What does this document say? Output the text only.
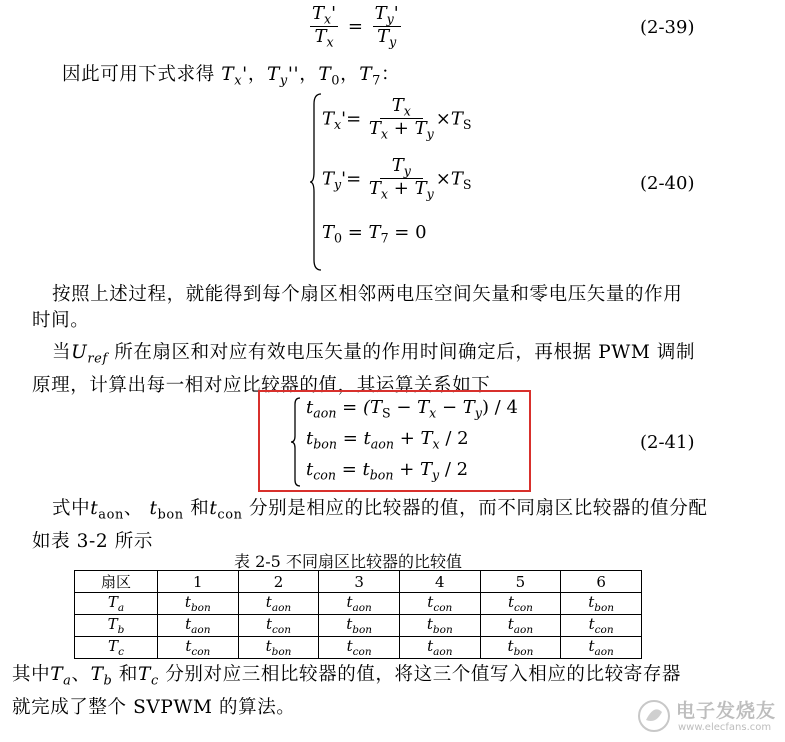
$\frac{T_x'}{T_x} = \frac{T_y'}{T_y}$	(2-39)
因此可用下式求得 $T_x'$，$T_y''$，$T_0$，$T_7$：
$T_x'= \frac{T_x}{T_x + T_y} \times T_S$
$T_y'= \frac{T_y}{T_x + T_y} \times T_S$
$T_0 = T_7 = 0$
(2-40)
按照上述过程，就能得到每个扇区相邻两电压空间矢量和零电压矢量的作用
时间。
当$U_{ref}$ 所在扇区和对应有效电压矢量的作用时间确定后，再根据 PWM 调制
原理，计算出每一相对应比较器的值，其运算关系如下
$t_{aon} = (T_S - T_x - T_y) / 4$
$t_{bon} = t_{aon} + T_x / 2$
$t_{con} = t_{bon} + T_y / 2$
(2-41)
式中$t_{aon}$、 $t_{bon}$ 和$t_{con}$ 分别是相应的比较器的值，而不同扇区比较器的值分配
如表 3-2 所示
表 2-5 不同扇区比较器的比较值
扇区	1	2	3	4	5	6
$T_a$	$t_{bon}$	$t_{aon}$	$t_{aon}$	$t_{con}$	$t_{con}$	$t_{bon}$
$T_b$	$t_{aon}$	$t_{con}$	$t_{bon}$	$t_{bon}$	$t_{aon}$	$t_{con}$
$T_c$	$t_{con}$	$t_{bon}$	$t_{con}$	$t_{aon}$	$t_{bon}$	$t_{aon}$
其中$T_a$、$T_b$ 和$T_c$ 分别对应三相比较器的值，将这三个值写入相应的比较寄存器
就完成了整个 SVPWM 的算法。	电子发烧友
www.elecfans.com
